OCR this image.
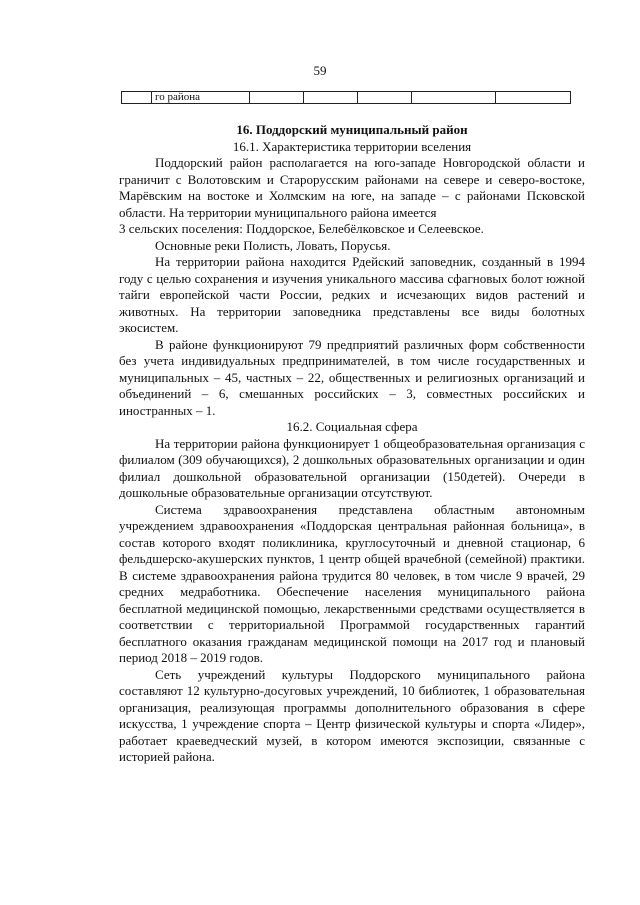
59
	го района					

16. Поддорский муниципальный район

16.1. Характеристика территории вселения

Поддорский район располагается на юго-западе Новгородской области и граничит с Волотовским и Старорусским районами на севере и северо-востоке, Марёвским на востоке и Холмским на юге, на западе – с районами Псковской области. На территории муниципального района имеется

3 сельских поселения: Поддорское, Белебёлковское и Селеевское.

Основные реки Полисть, Ловать, Порусья.

На территории района находится Рдейский заповедник, созданный в 1994 году с целью сохранения и изучения уникального массива сфагновых болот южной тайги европейской части России, редких и исчезающих видов растений и животных. На территории заповедника представлены все виды болотных экосистем.

В районе функционируют 79 предприятий различных форм собственности без учета индивидуальных предпринимателей, в том числе государственных и муниципальных – 45, частных – 22, общественных и религиозных организаций и объединений – 6, смешанных российских – 3, совместных российских и иностранных – 1.

16.2. Социальная сфера

На территории района функционирует 1 общеобразовательная организация с филиалом (309 обучающихся), 2 дошкольных образовательных организации и один филиал дошкольной образовательной организации (150детей). Очереди в дошкольные образовательные организации отсутствуют.

Система здравоохранения представлена областным автономным учреждением здравоохранения «Поддорская центральная районная больница», в состав которого входят поликлиника, круглосуточный и дневной стационар, 6 фельдшерско-акушерских пунктов, 1 центр общей врачебной (семейной) практики. В системе здравоохранения района трудится 80 человек, в том числе 9 врачей, 29 средних медработника. Обеспечение населения муниципального района бесплатной медицинской помощью, лекарственными средствами осуществляется в соответствии с территориальной Программой государственных гарантий бесплатного оказания гражданам медицинской помощи на 2017 год и плановый период 2018 – 2019 годов.

Сеть учреждений культуры Поддорского муниципального района составляют 12 культурно-досуговых учреждений, 10 библиотек, 1 образовательная организация, реализующая программы дополнительного образования в сфере искусства, 1 учреждение спорта – Центр физической культуры и спорта «Лидер», работает краеведческий музей, в котором имеются экспозиции, связанные с историей района.
